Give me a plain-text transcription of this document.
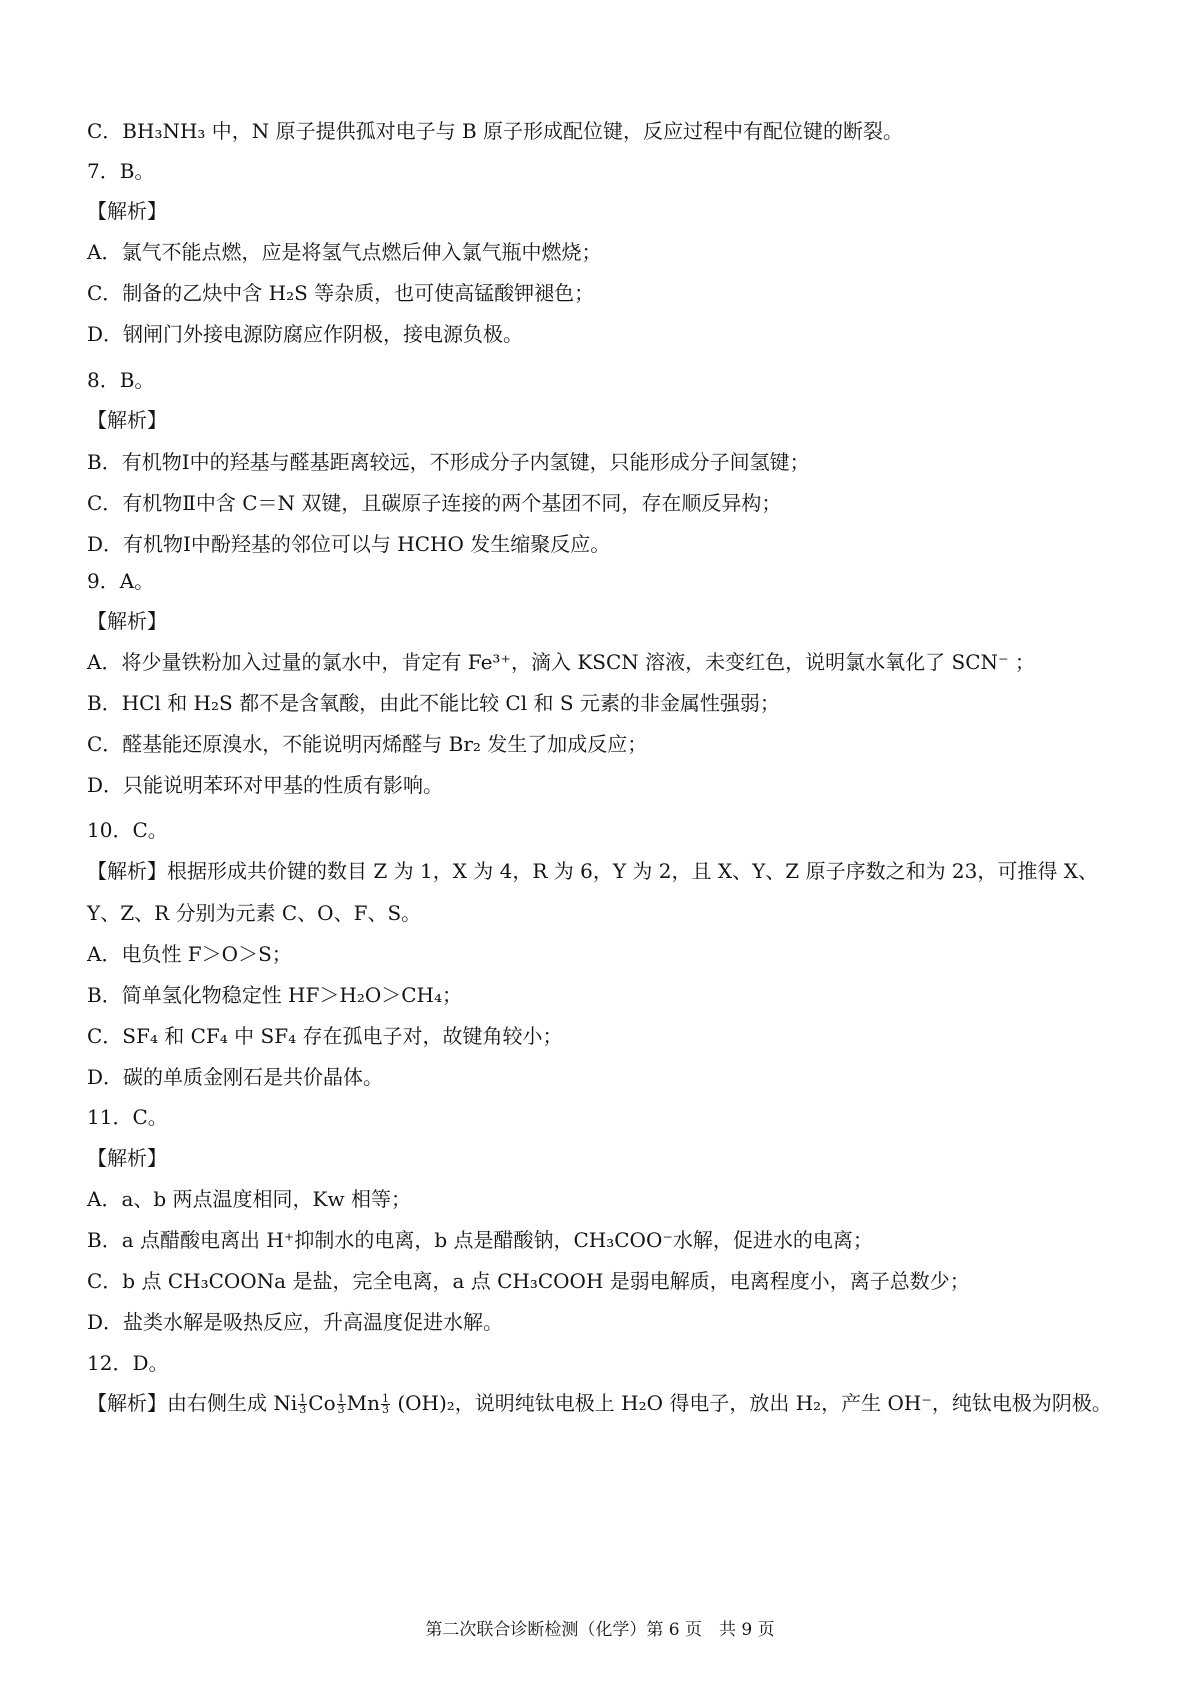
C．BH₃NH₃ 中，N 原子提供孤对电子与 B 原子形成配位键，反应过程中有配位键的断裂。
7．B。
【解析】
A．氯气不能点燃，应是将氢气点燃后伸入氯气瓶中燃烧；
C．制备的乙炔中含 H₂S 等杂质，也可使高锰酸钾褪色；
D．钢闸门外接电源防腐应作阴极，接电源负极。
8．B。
【解析】
B．有机物Ⅰ中的羟基与醛基距离较远，不形成分子内氢键，只能形成分子间氢键；
C．有机物Ⅱ中含 C＝N 双键，且碳原子连接的两个基团不同，存在顺反异构；
D．有机物Ⅰ中酚羟基的邻位可以与 HCHO 发生缩聚反应。
9．A。
【解析】
A．将少量铁粉加入过量的氯水中，肯定有 Fe³⁺，滴入 KSCN 溶液，未变红色，说明氯水氧化了 SCN⁻ ；
B．HCl 和 H₂S 都不是含氧酸，由此不能比较 Cl 和 S 元素的非金属性强弱；
C．醛基能还原溴水，不能说明丙烯醛与 Br₂ 发生了加成反应；
D．只能说明苯环对甲基的性质有影响。
10．C。
【解析】根据形成共价键的数目 Z 为 1，X 为 4，R 为 6，Y 为 2，且 X、Y、Z 原子序数之和为 23，可推得 X、
Y、Z、R 分别为元素 C、O、F、S。
A．电负性 F＞O＞S；
B．简单氢化物稳定性 HF＞H₂O＞CH₄；
C．SF₄ 和 CF₄ 中 SF₄ 存在孤电子对，故键角较小；
D．碳的单质金刚石是共价晶体。
11．C。
【解析】
A．a、b 两点温度相同，Kw 相等；
B．a 点醋酸电离出 H⁺抑制水的电离，b 点是醋酸钠，CH₃COO⁻水解，促进水的电离；
C．b 点 CH₃COONa 是盐，完全电离，a 点 CH₃COOH 是弱电解质，电离程度小，离子总数少；
D．盐类水解是吸热反应，升高温度促进水解。
12．D。
【解析】由右侧生成 Ni $\frac{1}{3}$ Co $\frac{1}{3}$ Mn $\frac{1}{3} (OH)_2$，说明纯钛电极上 H₂O 得电子，放出 H₂，产生 OH⁻，纯钛电极为阴极。
第二次联合诊断检测（化学）第 6 页　共 9 页
